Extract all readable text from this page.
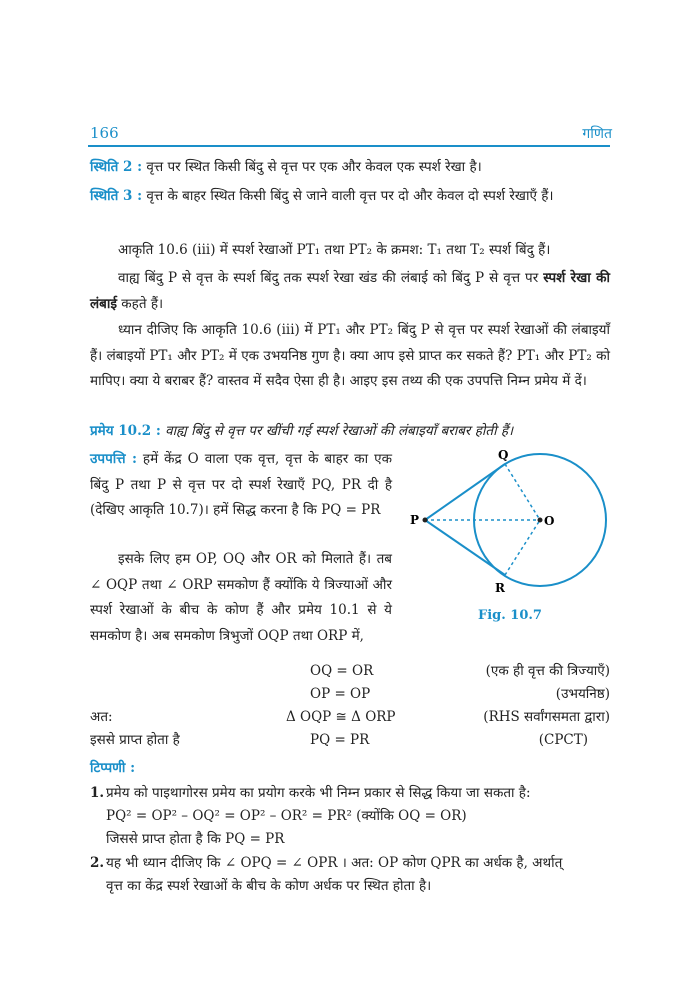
166	गणित
स्थिति 2 : वृत्त पर स्थित किसी बिंदु से वृत्त पर एक और केवल एक स्पर्श रेखा है।
स्थिति 3 : वृत्त के बाहर स्थित किसी बिंदु से जाने वाली वृत्त पर दो और केवल दो स्पर्श रेखाएँ हैं।
आकृति 10.6 (iii) में स्पर्श रेखाओं PT₁ तथा PT₂ के क्रमश: T₁ तथा T₂ स्पर्श बिंदु हैं।
वाह्य बिंदु P से वृत्त के स्पर्श बिंदु तक स्पर्श रेखा खंड की लंबाई को बिंदु P से वृत्त पर स्पर्श रेखा की लंबाई कहते हैं।
ध्यान दीजिए कि आकृति 10.6 (iii) में PT₁ और PT₂ बिंदु P से वृत्त पर स्पर्श रेखाओं की लंबाइयाँ हैं। लंबाइयों PT₁ और PT₂ में एक उभयनिष्ठ गुण है। क्या आप इसे प्राप्त कर सकते हैं? PT₁ और PT₂ को मापिए। क्या ये बराबर हैं? वास्तव में सदैव ऐसा ही है। आइए इस तथ्य की एक उपपत्ति निम्न प्रमेय में दें।
प्रमेय 10.2 : वाह्य बिंदु से वृत्त पर खींची गई स्पर्श रेखाओं की लंबाइयाँ बराबर होती हैं।
उपपत्ति : हमें केंद्र O वाला एक वृत्त, वृत्त के बाहर का एक बिंदु P तथा P से वृत्त पर दो स्पर्श रेखाएँ PQ, PR दी है (देखिए आकृति 10.7)। हमें सिद्ध करना है कि PQ = PR
इसके लिए हम OP, OQ और OR को मिलाते हैं। तब ∠ OQP तथा ∠ ORP समकोण हैं क्योंकि ये त्रिज्याओं और स्पर्श रेखाओं के बीच के कोण हैं और प्रमेय 10.1 से ये समकोण है। अब समकोण त्रिभुजों OQP तथा ORP में,
Q
P	O
R
Fig. 10.7
OQ = OR	(एक ही वृत्त की त्रिज्याएँ)
OP = OP	(उभयनिष्ठ)
अत:	Δ OQP ≅ Δ ORP	(RHS सर्वांगसमता द्वारा)
इससे प्राप्त होता है	PQ = PR	(CPCT)
टिप्पणी :
1. प्रमेय को पाइथागोरस प्रमेय का प्रयोग करके भी निम्न प्रकार से सिद्ध किया जा सकता है:
PQ² = OP² – OQ² = OP² – OR² = PR² (क्योंकि OQ = OR)
जिससे प्राप्त होता है कि PQ = PR
2. यह भी ध्यान दीजिए कि ∠ OPQ = ∠ OPR । अत: OP कोण QPR का अर्धक है, अर्थात्
वृत्त का केंद्र स्पर्श रेखाओं के बीच के कोण अर्धक पर स्थित होता है।
